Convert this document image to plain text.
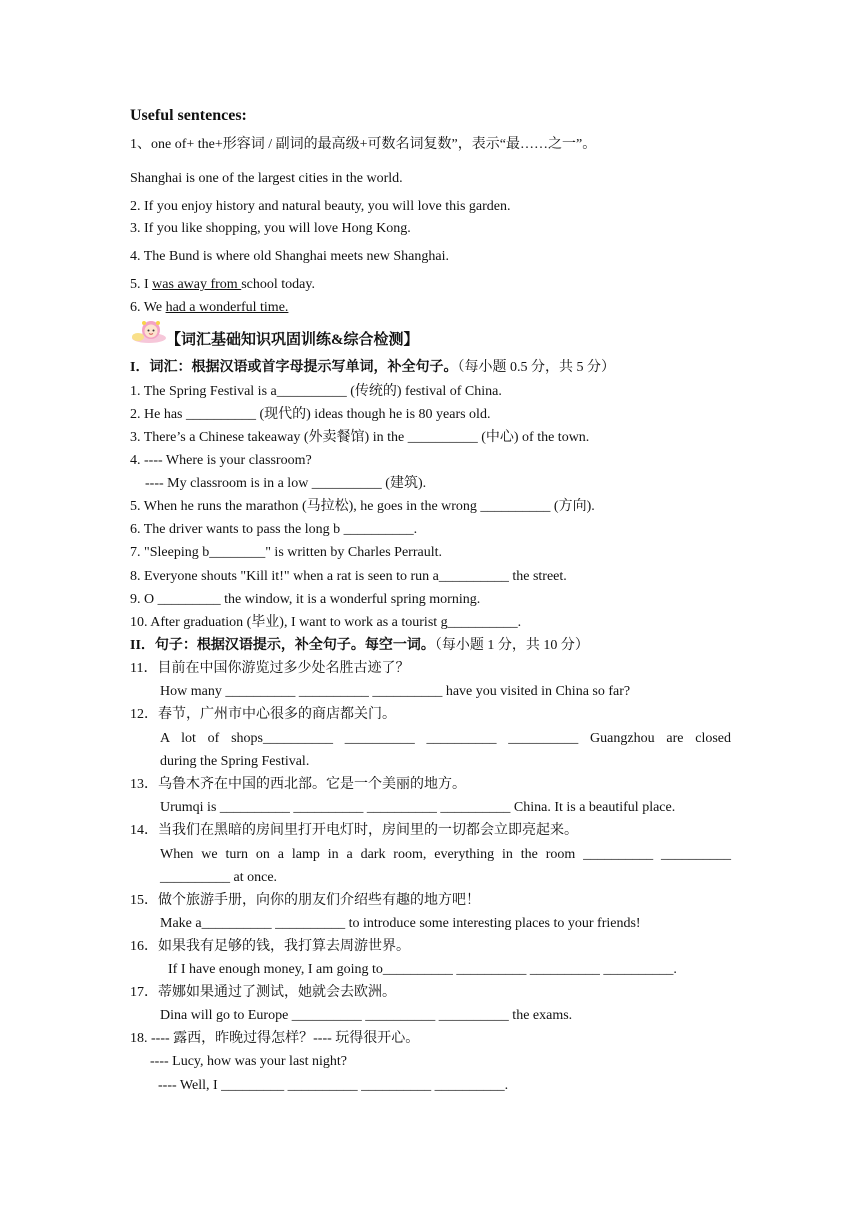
Useful sentences:
1、one of+ the+形容词 / 副词的最高级+可数名词复数”，表示“最……之一”。
Shanghai is one of the largest cities in the world.
2. If you enjoy history and natural beauty, you will love this garden.
3. If you like shopping, you will love Hong Kong.
4. The Bund is where old Shanghai meets new Shanghai.
5. I was away from school today.
6. We had a wonderful time.
【词汇基础知识巩固训练&综合检测】
I．词汇：根据汉语或首字母提示写单词，补全句子。（每小题 0.5 分，共 5 分）
1. The Spring Festival is a__________ (传统的) festival of China.
2. He has __________ (现代的) ideas though he is 80 years old.
3. There’s a Chinese takeaway (外卖餐馆) in the __________ (中心) of the town.
4. ---- Where is your classroom?
---- My classroom is in a low __________ (建筑).
5. When he runs the marathon (马拉松), he goes in the wrong __________ (方向).
6. The driver wants to pass the long b __________.
7. "Sleeping b________" is written by Charles Perrault.
8. Everyone shouts "Kill it!" when a rat is seen to run a__________ the street.
9. O _________ the window, it is a wonderful spring morning.
10. After graduation (毕业), I want to work as a tourist g__________.
II．句子：根据汉语提示，补全句子。每空一词。（每小题 1 分，共 10 分）
11．目前在中国你游览过多少处名胜古迹了？
How many __________ __________ __________ have you visited in China so far?
12．春节，广州市中心很多的商店都关门。
A lot of shops__________ __________ __________ __________ Guangzhou are closed
during the Spring Festival.
13．乌鲁木齐在中国的西北部。它是一个美丽的地方。
Urumqi is __________ __________ __________ __________ China. It is a beautiful place.
14．当我们在黑暗的房间里打开电灯时，房间里的一切都会立即亮起来。
When we turn on a lamp in a dark room, everything in the room __________ __________
__________ at once.
15．做个旅游手册，向你的朋友们介绍些有趣的地方吧！
Make a__________ __________ to introduce some interesting places to your friends!
16．如果我有足够的钱，我打算去周游世界。
If I have enough money, I am going to__________ __________ __________ __________.
17．蒂娜如果通过了测试，她就会去欧洲。
Dina will go to Europe __________ __________ __________ the exams.
18. ---- 露西，昨晚过得怎样？---- 玩得很开心。
---- Lucy, how was your last night?
---- Well, I _________ __________ __________ __________.
